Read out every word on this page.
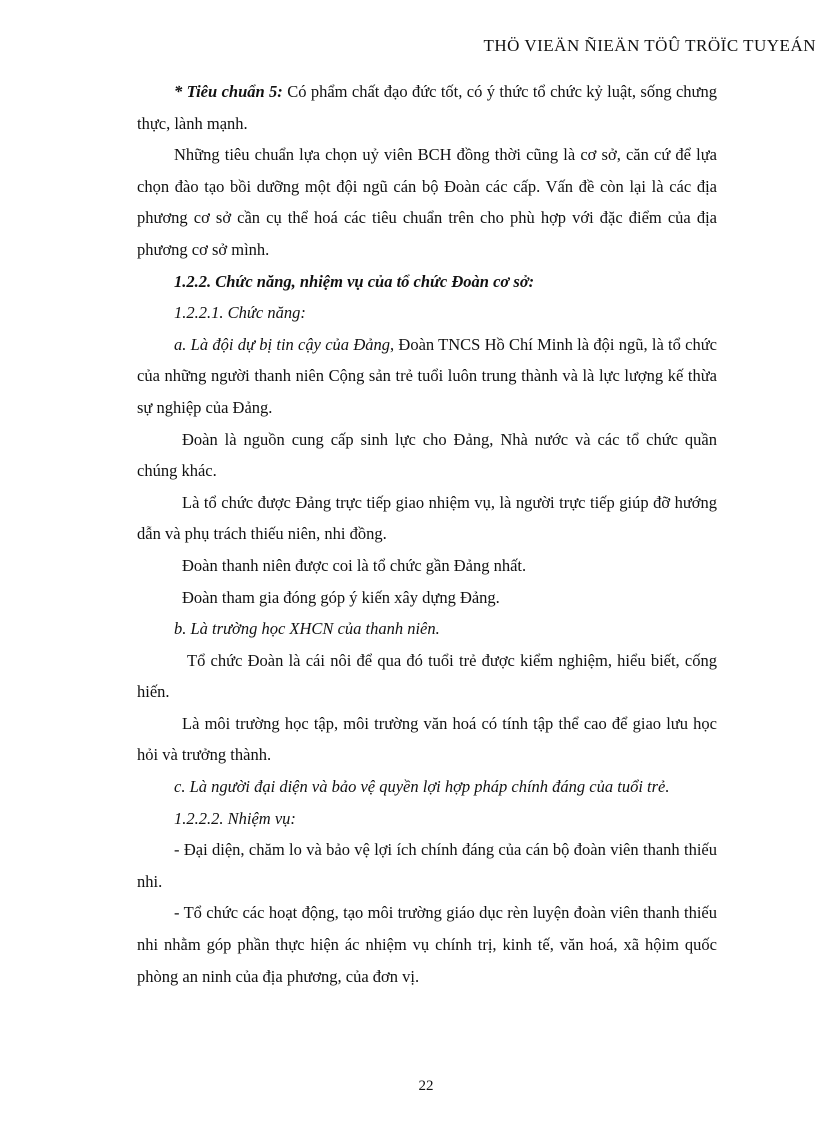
THÖ VIEÄN ÑIEÄN TÖÛ TRÖÏC TUYEÁN

* Tiêu chuẩn 5: Có phẩm chất đạo đức tốt, có ý thức tổ chức kỷ luật, sống chưng thực, lành mạnh.

Những tiêu chuẩn lựa chọn uỷ viên BCH đồng thời cũng là cơ sở, căn cứ để lựa chọn đào tạo bồi dưỡng một đội ngũ cán bộ Đoàn các cấp. Vấn đề còn lại là các địa phương cơ sở cần cụ thể hoá các tiêu chuẩn trên cho phù hợp với đặc điểm của địa phương cơ sở mình.

1.2.2. Chức năng, nhiệm vụ của tổ chức Đoàn cơ sở:

1.2.2.1. Chức năng:

a. Là đội dự bị tin cậy của Đảng, Đoàn TNCS Hồ Chí Minh là đội ngũ, là tổ chức của những người thanh niên Cộng sản trẻ tuổi luôn trung thành và là lực lượng kế thừa sự nghiệp của Đảng.

Đoàn là nguồn cung cấp sinh lực cho Đảng, Nhà nước và các tổ chức quần chúng khác.

Là tổ chức được Đảng trực tiếp giao nhiệm vụ, là người trực tiếp giúp đỡ hướng dẫn và phụ trách thiếu niên, nhi đồng.

Đoàn thanh niên được coi là tổ chức gần Đảng nhất.

Đoàn tham gia đóng góp ý kiến xây dựng Đảng.

b. Là trường học XHCN của thanh niên.

Tổ chức Đoàn là cái nôi để qua đó tuổi trẻ được kiểm nghiệm, hiểu biết, cống hiến.

Là môi trường học tập, môi trường văn hoá có tính tập thể cao để giao lưu học hỏi và trưởng thành.

c. Là người đại diện và bảo vệ quyền lợi hợp pháp chính đáng của tuổi trẻ.

1.2.2.2. Nhiệm vụ:

- Đại diện, chăm lo và bảo vệ lợi ích chính đáng của cán bộ đoàn viên thanh thiếu nhi.

- Tổ chức các hoạt động, tạo môi trường giáo dục rèn luyện đoàn viên thanh thiếu nhi nhằm góp phần thực hiện ác nhiệm vụ chính trị, kinh tế, văn hoá, xã hộim quốc phòng an ninh của địa phương, của đơn vị.

22
